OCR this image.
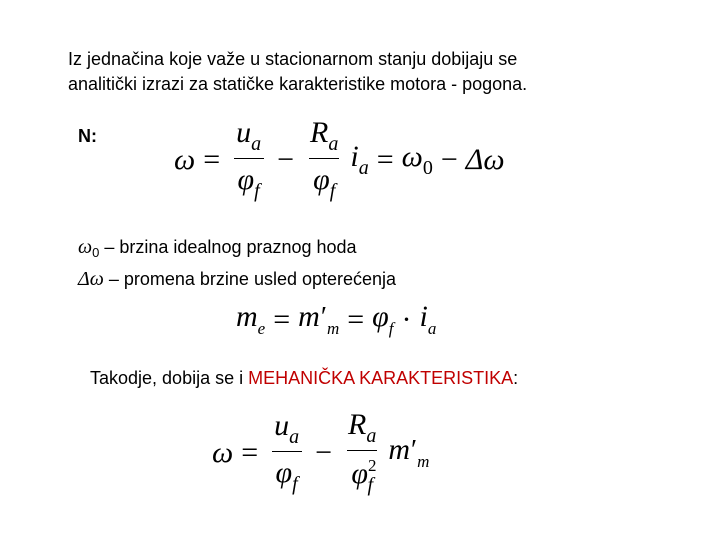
Iz jednačina koje važe u stacionarnom stanju dobijaju se
analitički izrazi za statičke karakteristike motora - pogona.
N:
$\omega = \frac{u_a}{\varphi_f} - \frac{R_a}{\varphi_f} i_a = \omega_0 - \Delta\omega$
$\omega_0$ – brzina idealnog praznog hoda
Δω – promena brzine usled opterećenja
$m_e = m'_m = \varphi_f \cdot i_a$
Takodje, dobija se i MEHANIČKA KARAKTERISTIKA:
$\omega = \frac{u_a}{\varphi_f} - \frac{R_a}{\varphi^2_f} m'_m$
